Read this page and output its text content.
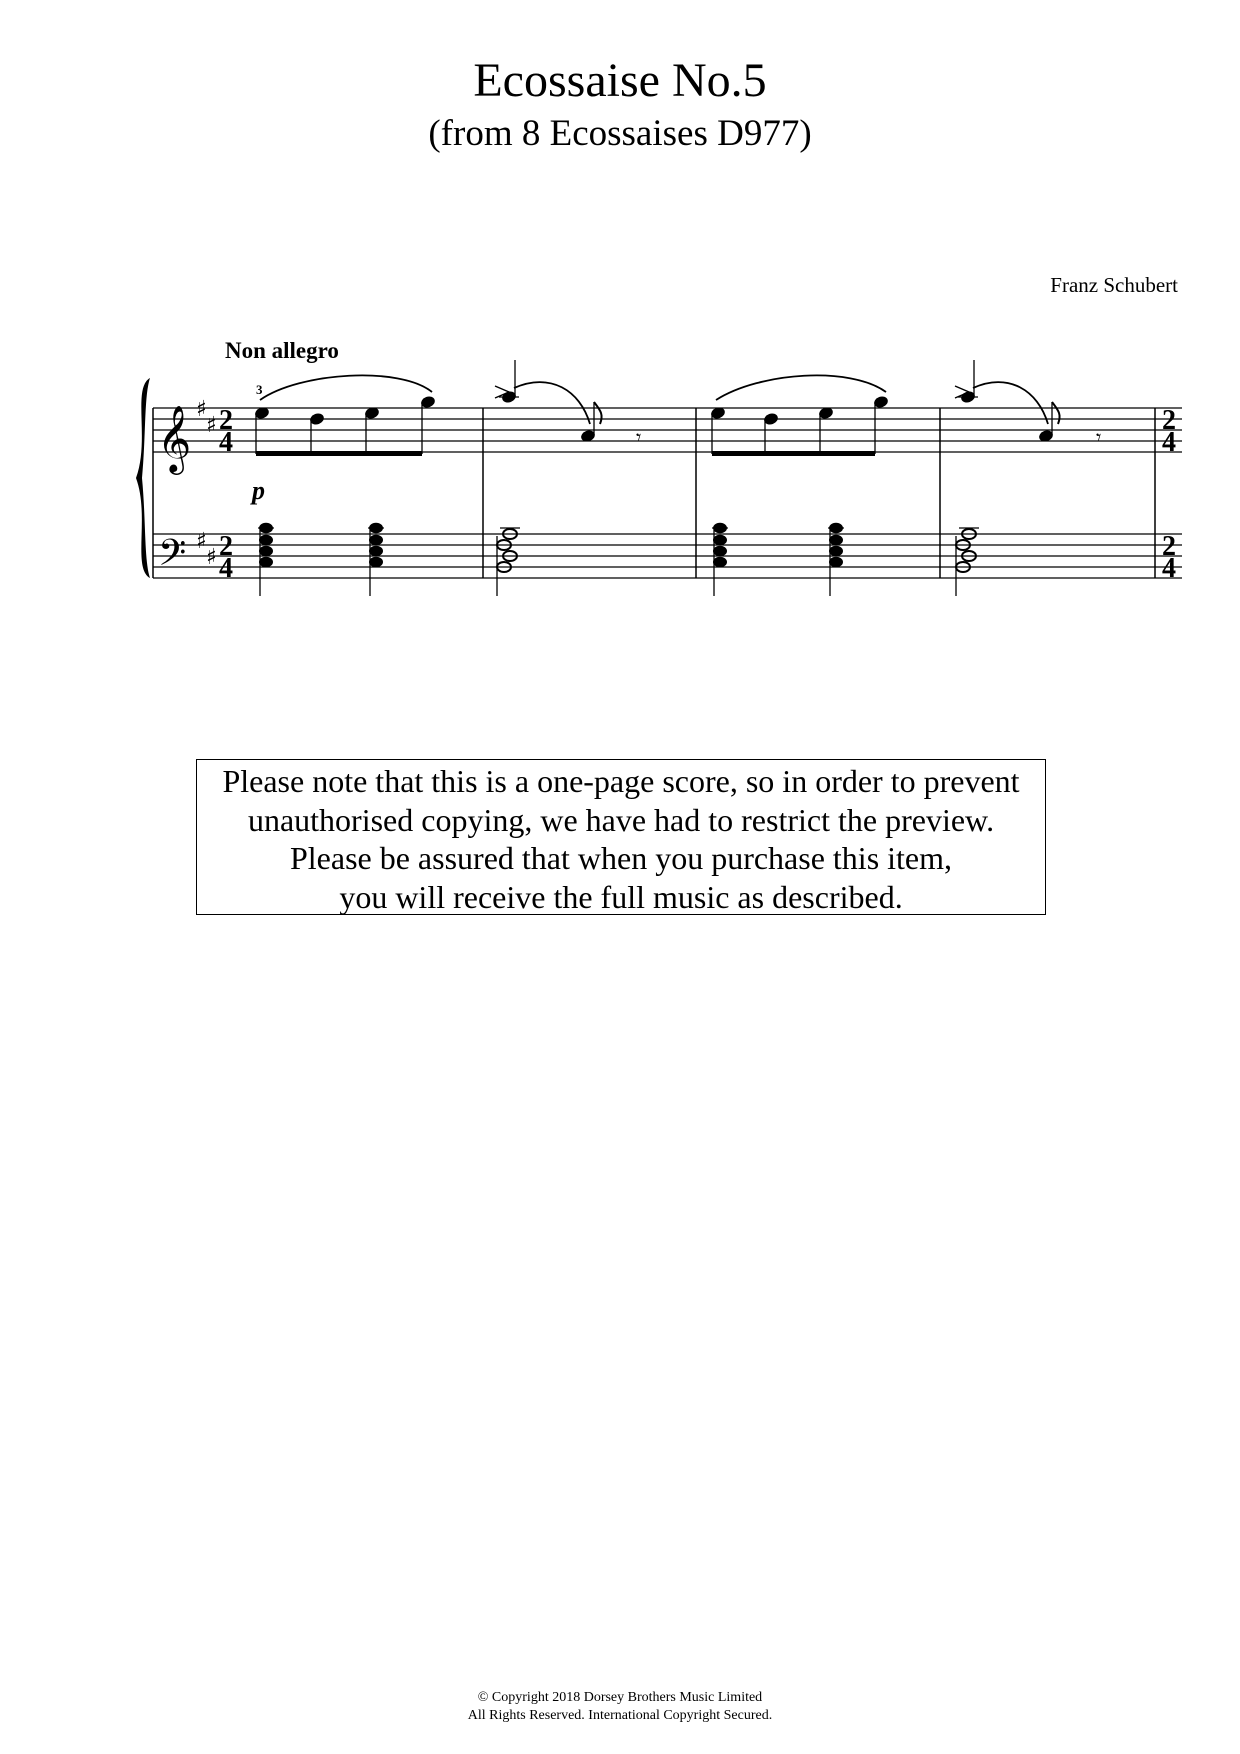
Ecossaise No.5
(from 8 Ecossaises D977)
Franz Schubert
Non allegro
𝄞
𝄢
♯
♯
♯
♯
2
4
2
4
2
4
2
4
3
p
𝄾	𝄾
Please note that this is a one-page score, so in order to prevent
unauthorised copying, we have had to restrict the preview.
Please be assured that when you purchase this item,
you will receive the full music as described.
© Copyright 2018 Dorsey Brothers Music Limited
All Rights Reserved. International Copyright Secured.
